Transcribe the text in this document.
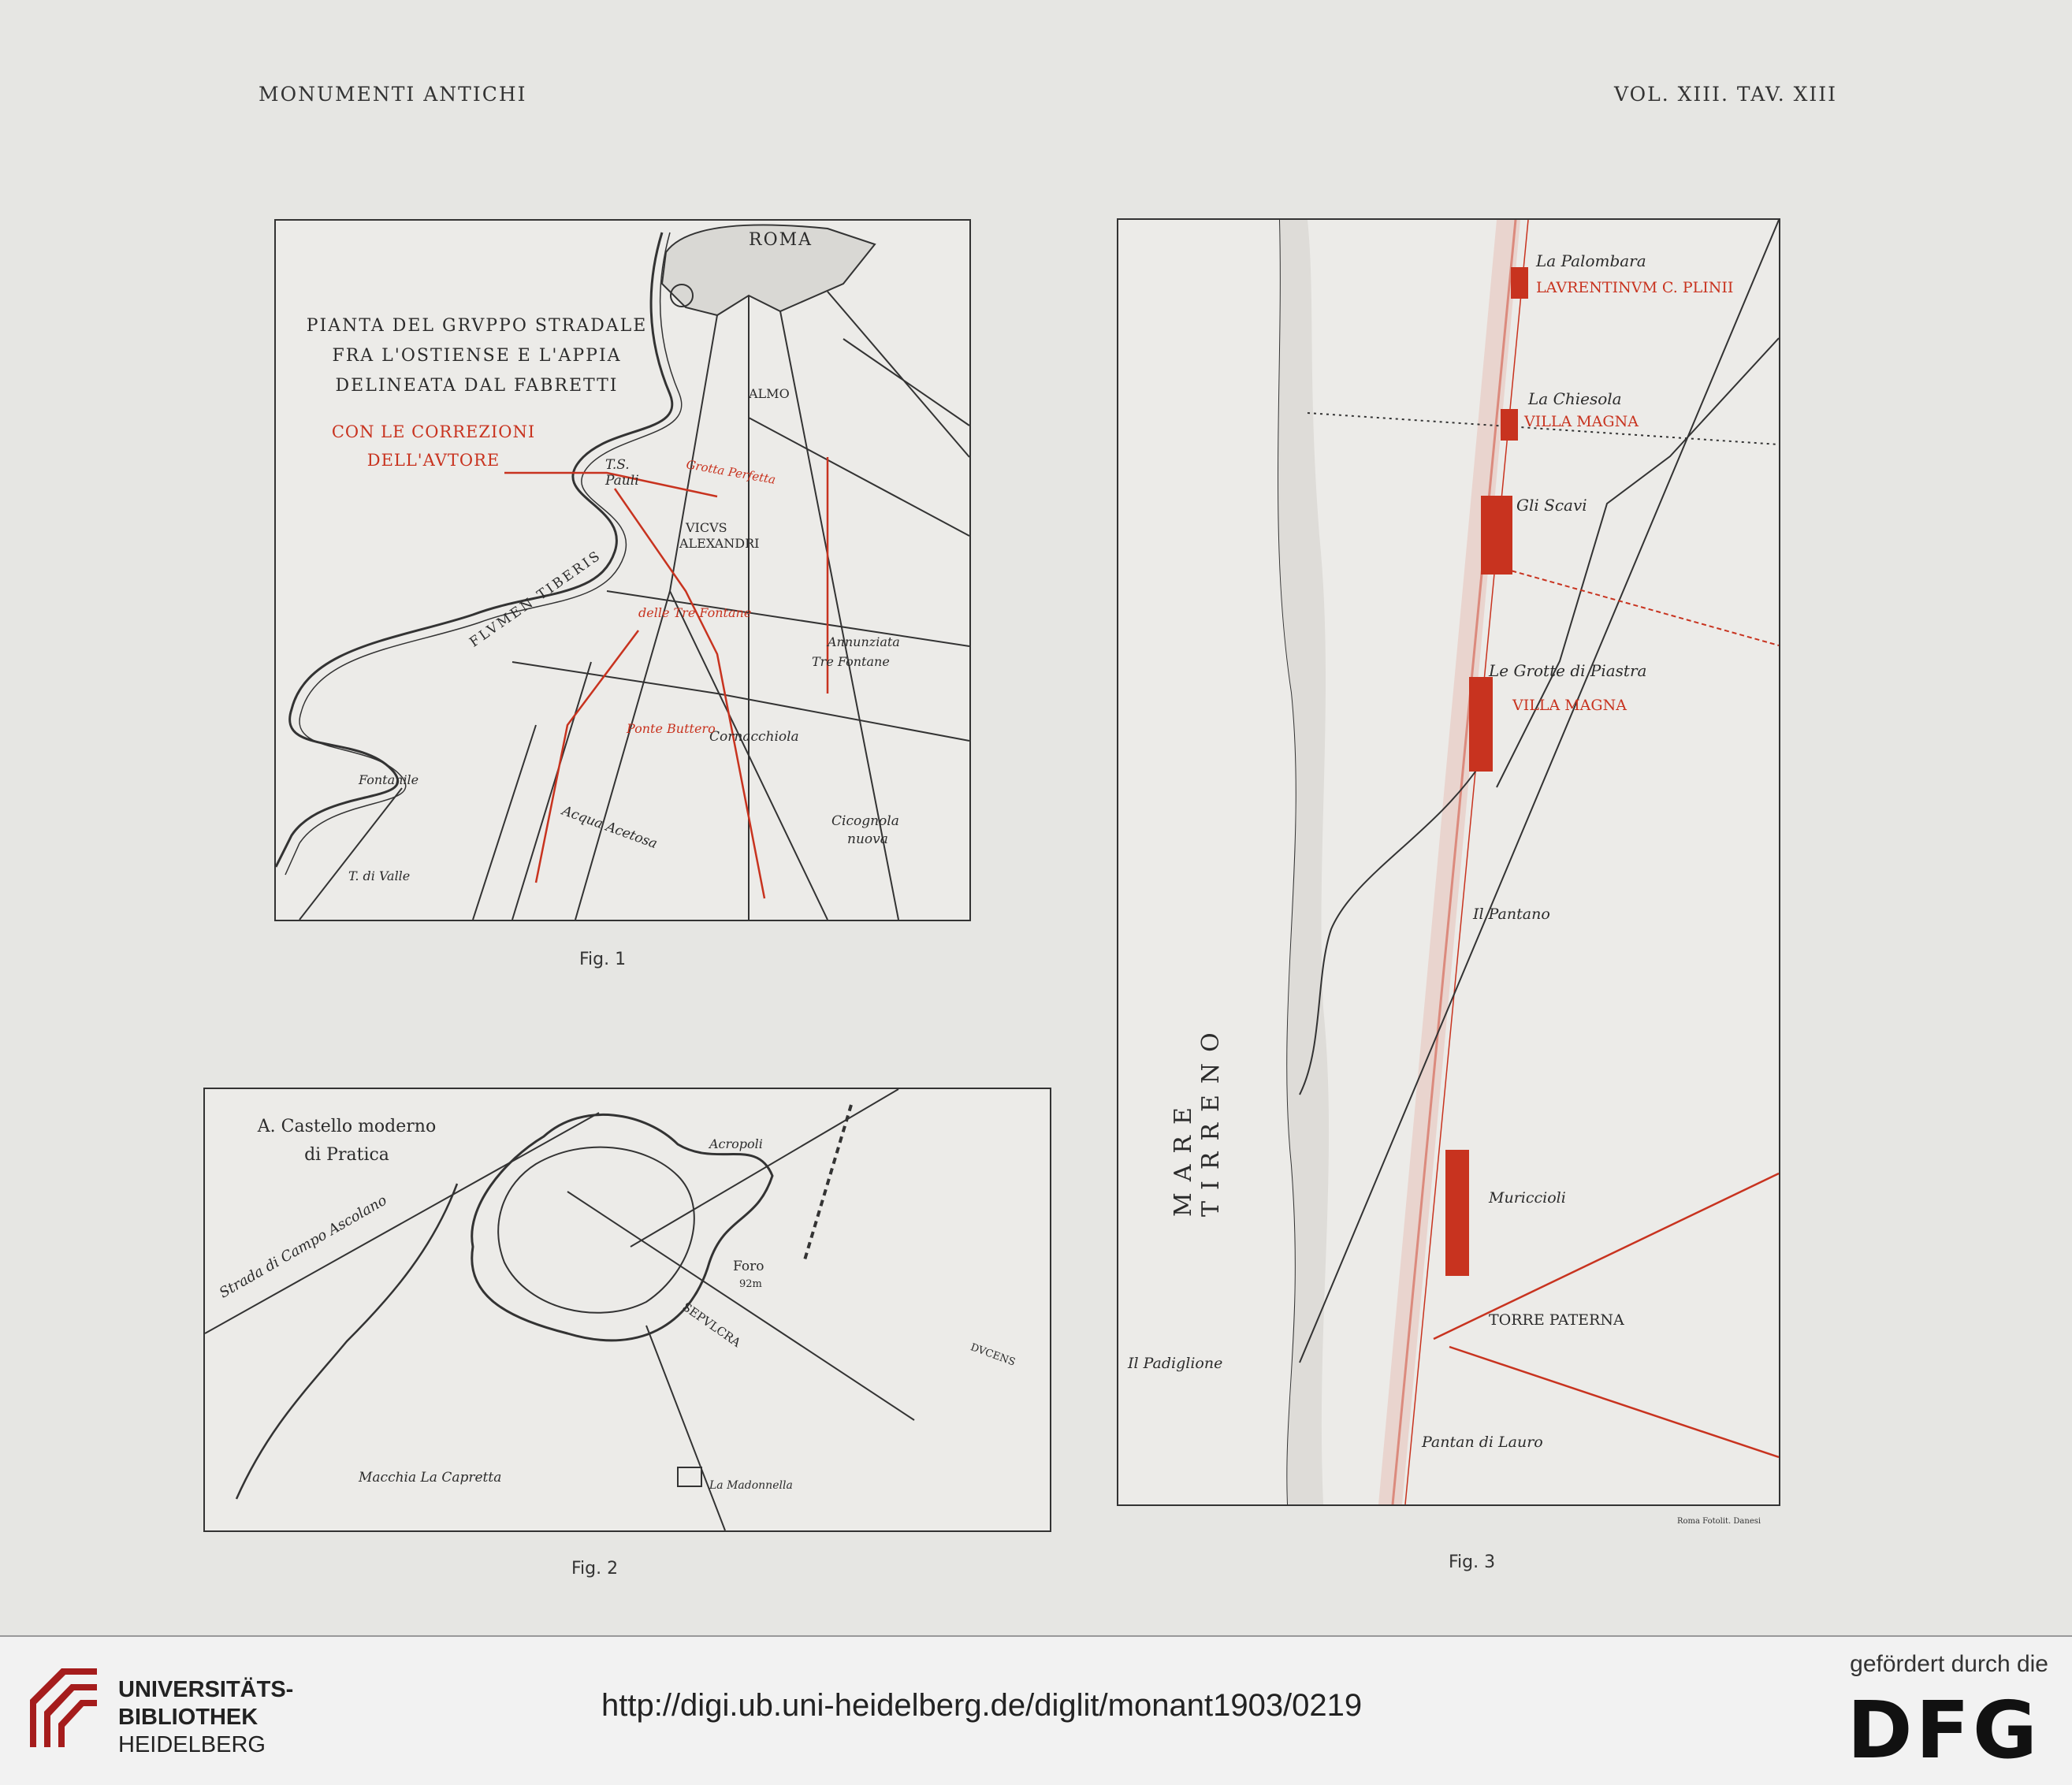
MONUMENTI ANTICHI	VOL. XIII. TAV. XIII
PIANTA DEL GRVPPO STRADALE
FRA L'OSTIENSE E L'APPIA
DELINEATA DAL FABRETTI
CON LE CORREZIONI
DELL'AVTORE
ROMA
T.S. Pauli
VICVS
ALEXANDRI
ALMO
Annunziata
Tre Fontane
Cornacchiola
Fontanile
Acqua Acetosa	Cicognola
nuova
T. di Valle
FLVMEN TIBERIS
Ponte Buttero
delle Tre Fontane
Grotta Perfetta
Fig. 1
A. Castello moderno
di Pratica
Acropoli
Foro
92m
SEPVLCRA
Strada di Campo Ascolano
Macchia La Capretta	La Madonnella
DVCENS
Fig. 2
MARE TIRRENO
La Palombara
LAVRENTINVM C. PLINII
La Chiesola
VILLA MAGNA
Gli Scavi
Le Grotte di Piastra
VILLA MAGNA
Il Pantano
Muriccioli
TORRE PATERNA
Il Padiglione
Pantan di Lauro
Fig. 3
Roma Fotolit. Danesi
UNIVERSITÄTS-
BIBLIOTHEK
HEIDELBERG
http://digi.ub.uni-heidelberg.de/diglit/monant1903/0219
gefördert durch die
DFG
